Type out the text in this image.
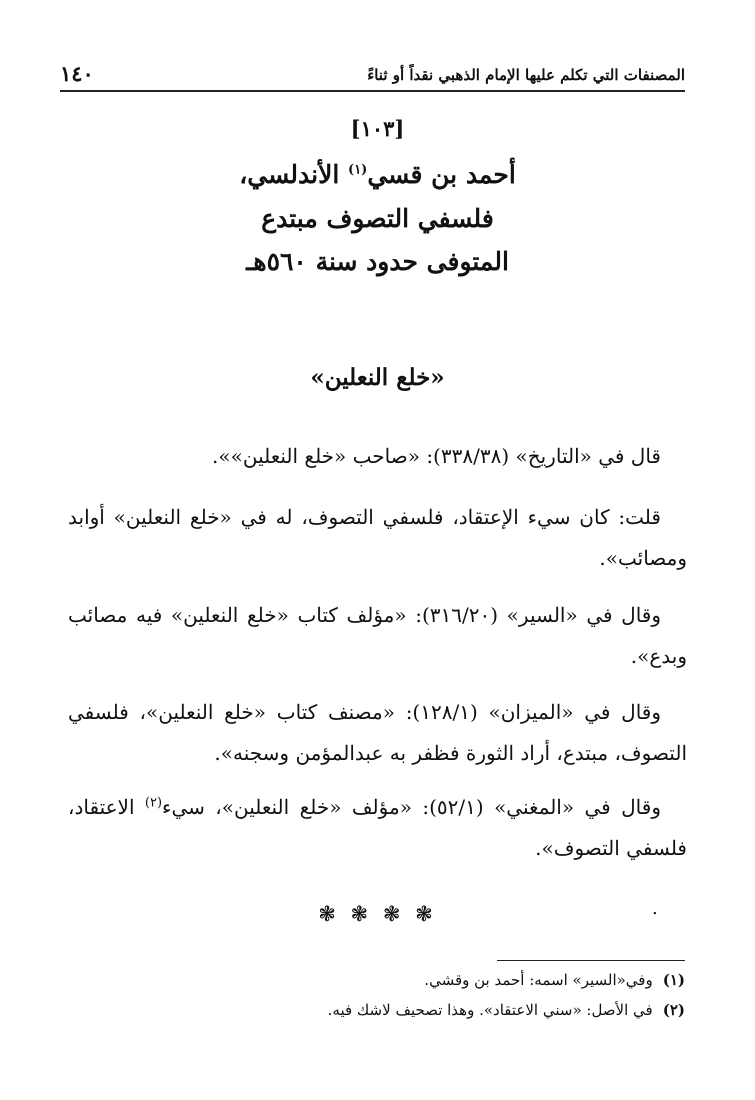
المصنفات التي تكلم عليها الإمام الذهبي نقداً أو ثناءً
١٤٠
[١٠٣]
أحمد بن قسي$^{(١)}$ الأندلسي،
فلسفي التصوف مبتدع
المتوفى حدود سنة ٥٦٠هـ
«خلع النعلين»
قال في «التاريخ» (٣٣٨/٣٨): «صاحب «خلع النعلين»».
قلت: كان سيء الإعتقاد، فلسفي التصوف، له في «خلع النعلين» أوابد ومصائب».
وقال في «السير» (٣١٦/٢٠): «مؤلف كتاب «خلع النعلين» فيه مصائب وبدع».
وقال في «الميزان» (١٢٨/١): «مصنف كتاب «خلع النعلين»، فلسفي التصوف، مبتدع، أراد الثورة فظفر به عبدالمؤمن وسجنه».
وقال في «المغني» (٥٢/١): «مؤلف «خلع النعلين»، سيء$^{(٢)}$ الاعتقاد، فلسفي التصوف».
.
❃ ❃ ❃ ❃
(١)وفي«السير» اسمه: أحمد بن وقشي.
(٢)في الأصل: «سني الاعتقاد». وهذا تصحيف لاشك فيه.
